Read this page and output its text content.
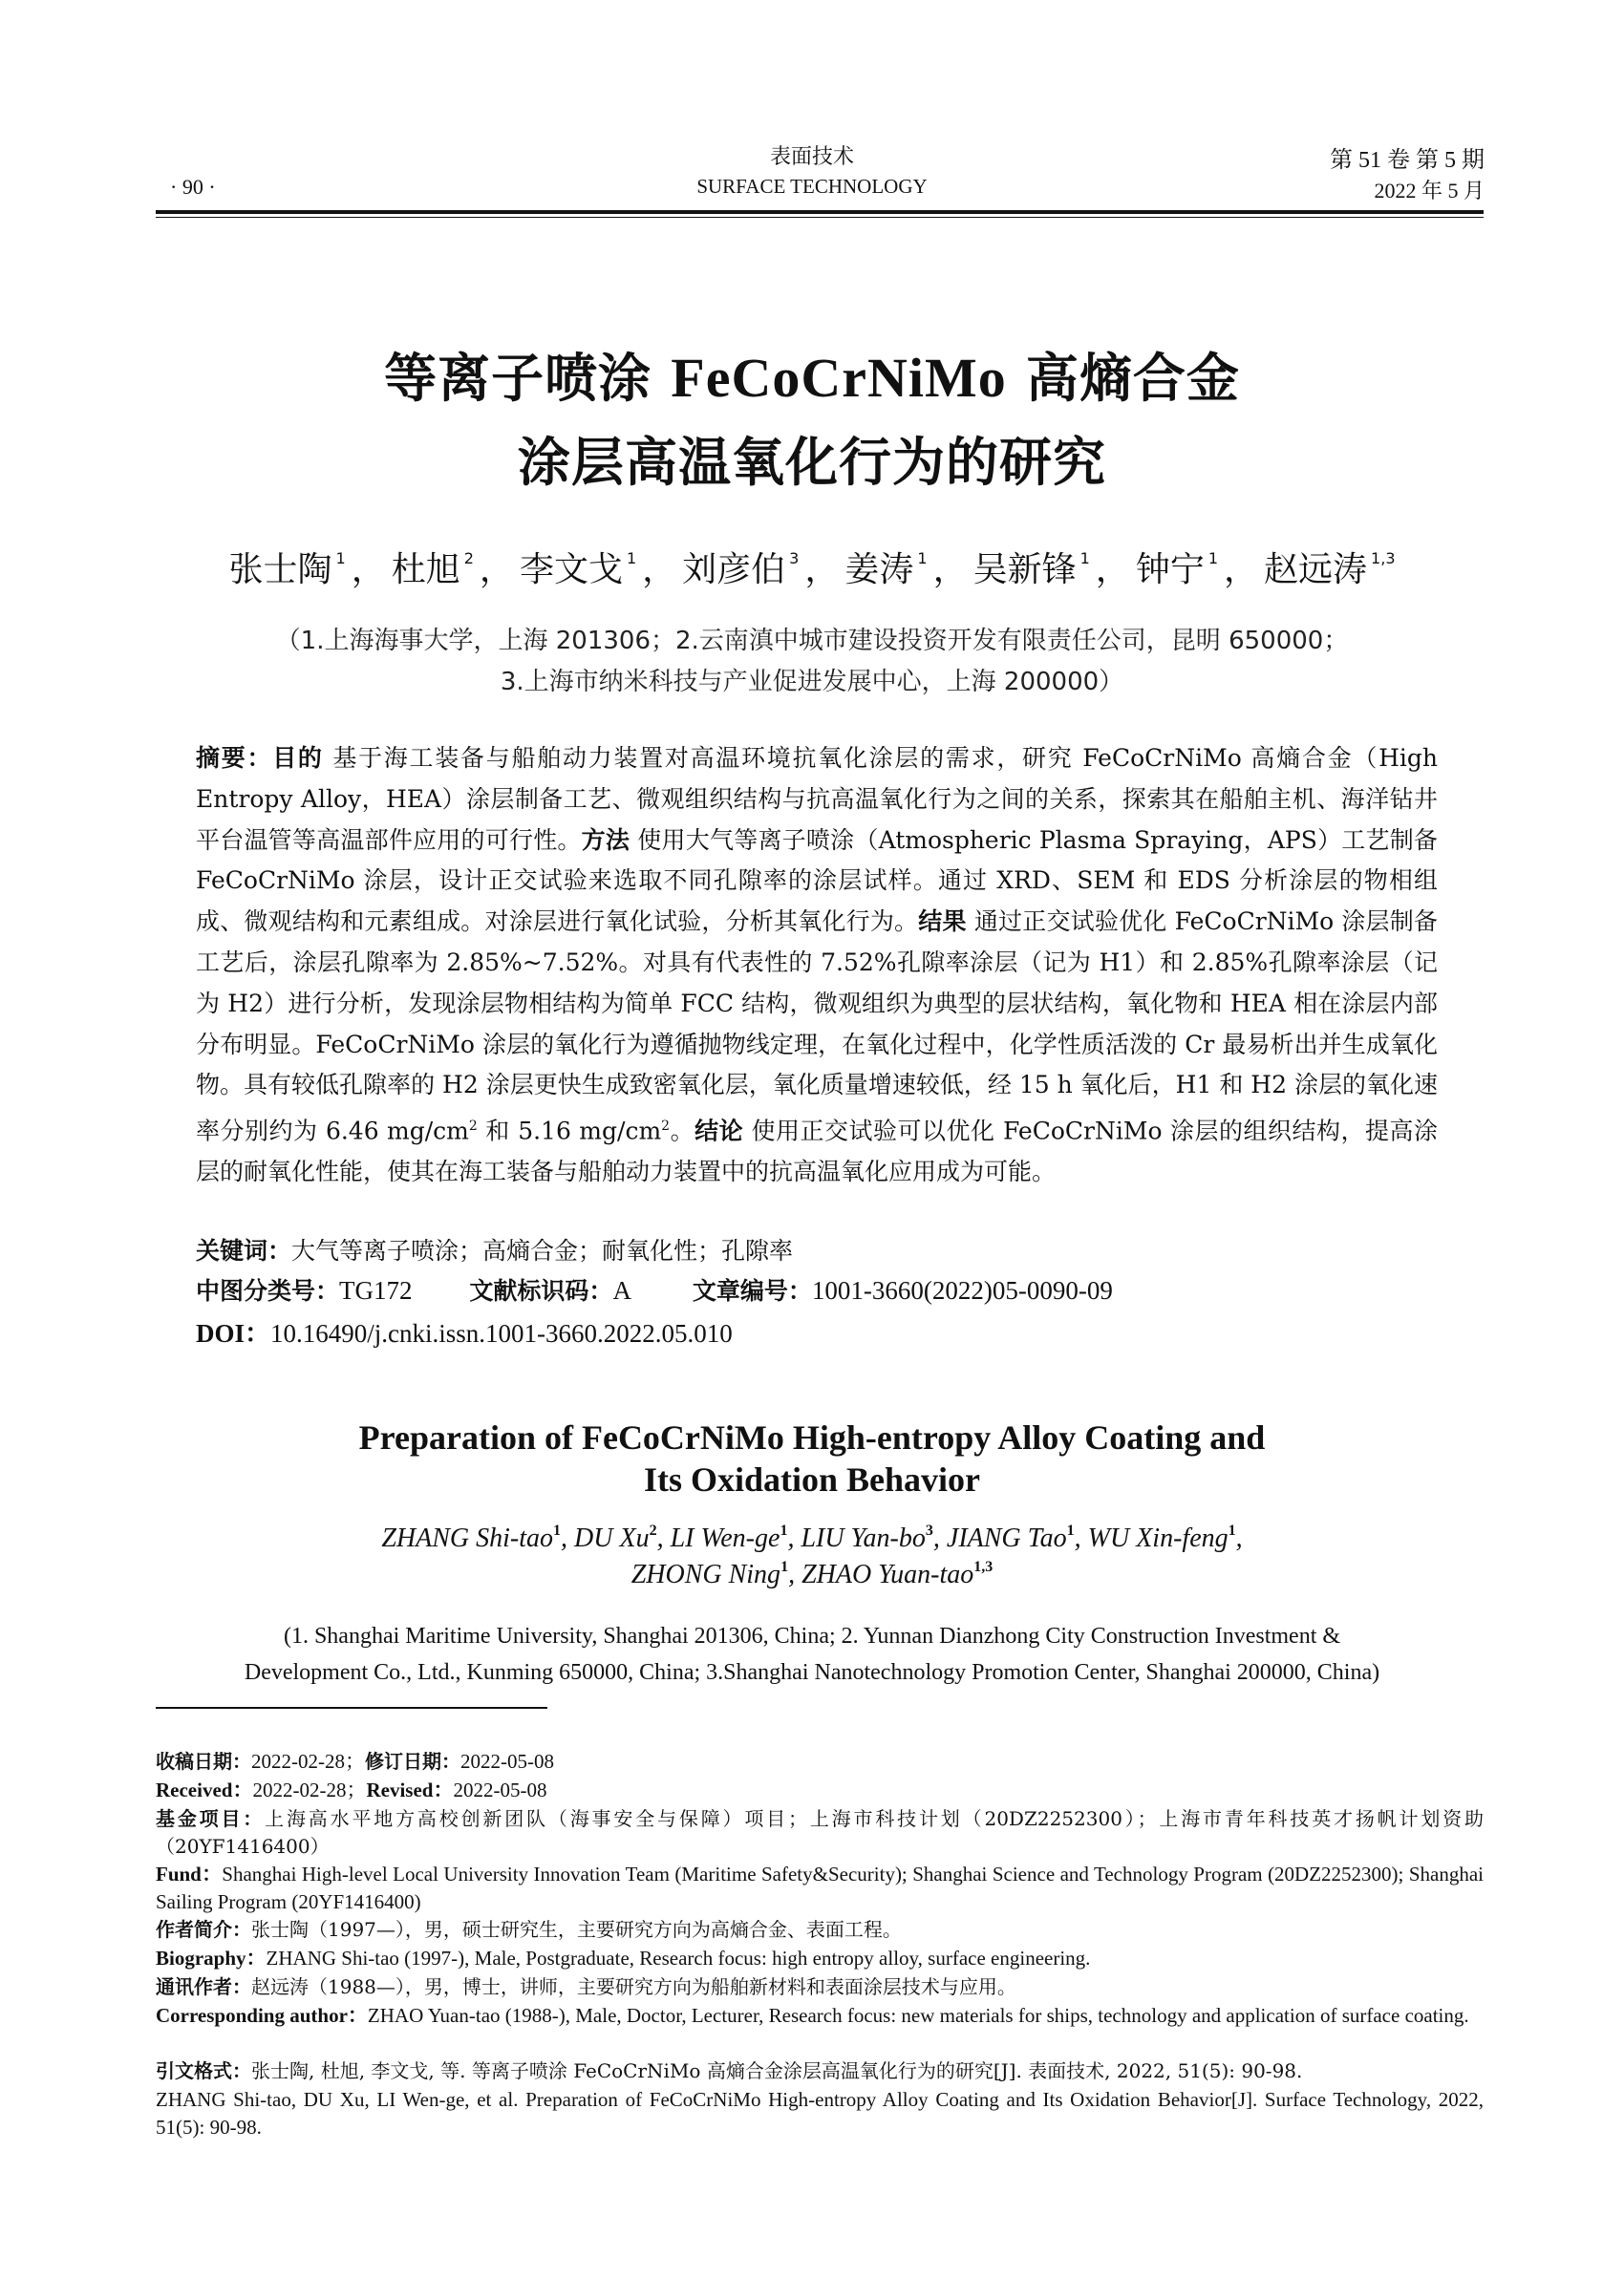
· 90 ·
表面技术
SURFACE TECHNOLOGY
第 51 卷 第 5 期
2022 年 5 月
等离子喷涂 FeCoCrNiMo 高熵合金
涂层高温氧化行为的研究
张士陶 $^1$ ， 杜旭 $^2$ ， 李文戈 $^1$ ， 刘彦伯 $^3$ ， 姜涛 $^1$ ， 吴新锋 $^1$ ， 钟宁 $^1$ ， 赵远涛 $^{1,3}$
（1.上海海事大学，上海 201306；2.云南滇中城市建设投资开发有限责任公司，昆明 650000；
3.上海市纳米科技与产业促进发展中心，上海 200000）
摘要：目的 基于海工装备与船舶动力装置对高温环境抗氧化涂层的需求，研究 FeCoCrNiMo 高熵合金（High Entropy Alloy，HEA）涂层制备工艺、微观组织结构与抗高温氧化行为之间的关系，探索其在船舶主机、海洋钻井平台温管等高温部件应用的可行性。方法 使用大气等离子喷涂（Atmospheric Plasma Spraying，APS）工艺制备 FeCoCrNiMo 涂层，设计正交试验来选取不同孔隙率的涂层试样。通过 XRD、SEM 和 EDS 分析涂层的物相组成、微观结构和元素组成。对涂层进行氧化试验，分析其氧化行为。结果 通过正交试验优化 FeCoCrNiMo 涂层制备工艺后，涂层孔隙率为 2.85%~7.52%。对具有代表性的 7.52%孔隙率涂层（记为 H1）和 2.85%孔隙率涂层（记为 H2）进行分析，发现涂层物相结构为简单 FCC 结构，微观组织为典型的层状结构，氧化物和 HEA 相在涂层内部分布明显。FeCoCrNiMo 涂层的氧化行为遵循抛物线定理，在氧化过程中，化学性质活泼的 Cr 最易析出并生成氧化物。具有较低孔隙率的 H2 涂层更快生成致密氧化层，氧化质量增速较低，经 15 h 氧化后，H1 和 H2 涂层的氧化速率分别约为 6.46 $mg/cm^2$ 和 5.16 $mg/cm^2$。结论 使用正交试验可以优化 FeCoCrNiMo 涂层的组织结构，提高涂层的耐氧化性能，使其在海工装备与船舶动力装置中的抗高温氧化应用成为可能。
关键词：大气等离子喷涂；高熵合金；耐氧化性；孔隙率
中图分类号：TG172 文献标识码：A	文章编号：1001-3660(2022)05-0090-09
DOI：10.16490/j.cnki.issn.1001-3660.2022.05.010
Preparation of FeCoCrNiMo High-entropy Alloy Coating and
Its Oxidation Behavior
ZHANG Shi-tao$^1$, DU Xu$^2$, LI Wen-$ge^1$, LIU Yan-$bo^3$, JIANG Tao$^1$, WU Xin-feng$^1$,
ZHONG Ning$^1$, ZHAO Yuan-tao$^{1,3}$
(1. Shanghai Maritime University, Shanghai 201306, China; 2. Yunnan Dianzhong City Construction Investment &
Development Co., Ltd., Kunming 650000, China; 3.Shanghai Nanotechnology Promotion Center, Shanghai 200000, China)
收稿日期：2022-02-28；修订日期：2022-05-08
Received：2022-02-28；Revised：2022-05-08
基金项目：上海高水平地方高校创新团队（海事安全与保障）项目；上海市科技计划（20DZ2252300）；上海市青年科技英才扬帆计划资助（20YF1416400）
Fund：Shanghai High-level Local University Innovation Team (Maritime Safety&Security); Shanghai Science and Technology Program (20DZ2252300); Shanghai Sailing Program (20YF1416400)
作者简介：张士陶（1997—），男，硕士研究生，主要研究方向为高熵合金、表面工程。
Biography：ZHANG Shi-tao (1997-), Male, Postgraduate, Research focus: high entropy alloy, surface engineering.
通讯作者：赵远涛（1988—），男，博士，讲师，主要研究方向为船舶新材料和表面涂层技术与应用。
Corresponding author：ZHAO Yuan-tao (1988-), Male, Doctor, Lecturer, Research focus: new materials for ships, technology and application of surface coating.
引文格式：张士陶, 杜旭, 李文戈, 等. 等离子喷涂 FeCoCrNiMo 高熵合金涂层高温氧化行为的研究[J]. 表面技术, 2022, 51(5): 90-98.
ZHANG Shi-tao, DU Xu, LI Wen-ge, et al. Preparation of FeCoCrNiMo High-entropy Alloy Coating and Its Oxidation Behavior[J]. Surface Technology, 2022, 51(5): 90-98.
